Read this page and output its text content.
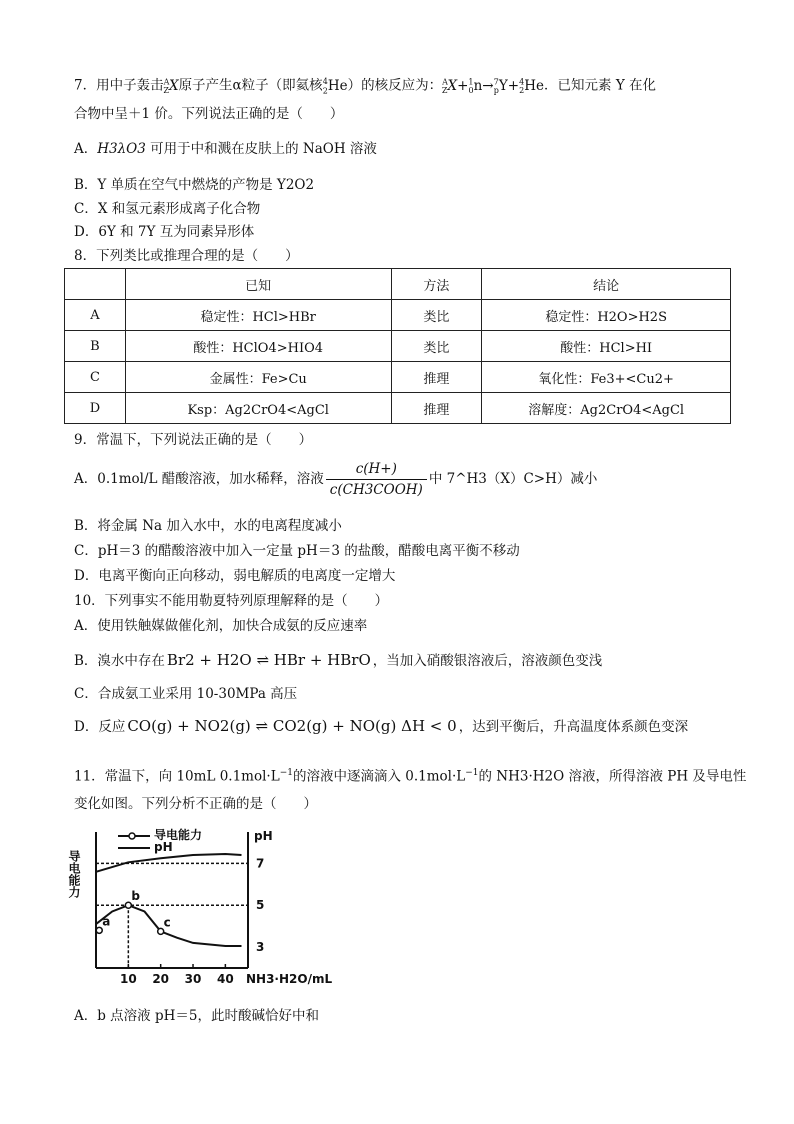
7．用中子轰击$^A_Z$X原子产生α粒子（即氦核$_2^4$He）的核反应为：$^A_Z$X+$^1_0$n→$^7_p$Y+$^4_2$He．已知元素 Y 在化
合物中呈＋1 价。下列说法正确的是（　　）
A．H3λO3 可用于中和溅在皮肤上的 NaOH 溶液
B．Y 单质在空气中燃烧的产物是 Y2O2
C．X 和氢元素形成离子化合物
D．6Y 和 7Y 互为同素异形体
8．下列类比或推理合理的是（　　）
	已知	方法	结论
A	稳定性：HCl>HBr	类比	稳定性：H2O>H2S
B	酸性：HClO4>HIO4	类比	酸性：HCl>HI
C	金属性：Fe>Cu	推理	氧化性：Fe3+<Cu2+
D	Ksp：Ag2CrO4<AgCl	推理	溶解度：Ag2CrO4<AgCl
9．常温下，下列说法正确的是（　　）
A．0.1mol/L 醋酸溶液，加水稀释，溶液 $\frac{c(H+)}{\text{c(CH3COOH)}}$ 中 7^H3（X）C>H）减小
B．将金属 Na 加入水中，水的电离程度减小
C．pH＝3 的醋酸溶液中加入一定量 pH＝3 的盐酸，醋酸电离平衡不移动
D．电离平衡向正向移动，弱电解质的电离度一定增大
10．下列事实不能用勒夏特列原理解释的是（　　）
A．使用铁触媒做催化剂，加快合成氨的反应速率
B．溴水中存在 Br2 + H2O ⇌ HBr + HBrO ，当加入硝酸银溶液后，溶液颜色变浅
C．合成氨工业采用 10-30MPa 高压
D．反应 CO(g) + NO2(g) ⇌ CO2(g) + NO(g) ΔH < 0 ，达到平衡后，升高温度体系颜色变深
11．常温下，向 10mL $0.1mol\cdot L^{-1}$的溶液中逐滴滴入 $0.1mol\cdot L^{-1}$的 NH3·H2O 溶液，所得溶液 PH 及导电性
变化如图。下列分析不正确的是（　　）
a
b
c
10 20 30 40 NH3·H2O/mL
7
5
3
pH
导电能力
导电能力
pH
A．b 点溶液 pH＝5，此时酸碱恰好中和
